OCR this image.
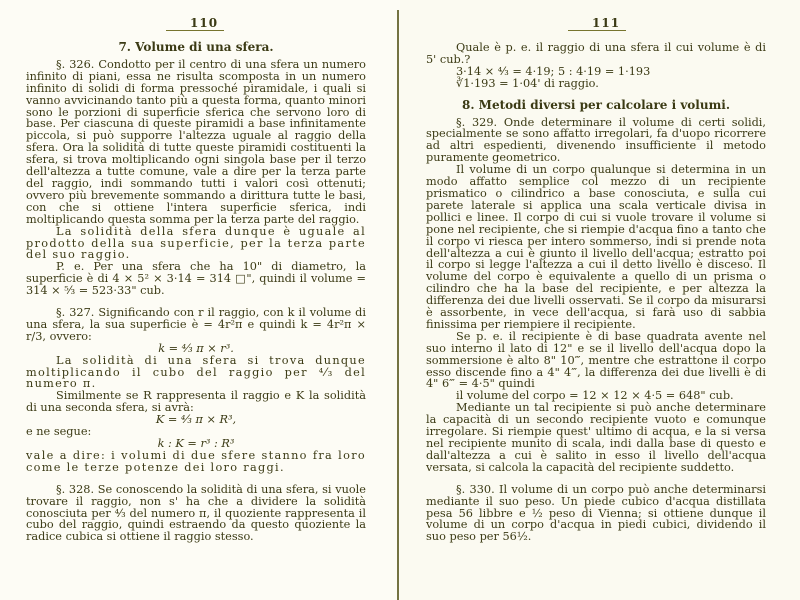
110

7. Volume di una sfera.

§. 326. Condotto per il centro di una sfera un numero infinito di piani, essa ne risulta scomposta in un numero infinito di solidi di forma pressoché piramidale, i quali si vanno avvicinando tanto più a questa forma, quanto minori sono le porzioni di superficie sferica che servono loro di base. Per ciascuna di queste piramidi a base infinitamente piccola, si può supporre l'altezza uguale al raggio della sfera. Ora la solidità di tutte queste piramidi costituenti la sfera, si trova moltiplicando ogni singola base per il terzo dell'altezza a tutte comune, vale a dire per la terza parte del raggio, indi sommando tutti i valori così ottenuti; ovvero più brevemente sommando a dirittura tutte le basi, con che si ottiene l'intera superficie sferica, indi moltiplicando questa somma per la terza parte del raggio.

La solidità della sfera dunque è uguale al prodotto della sua superficie, per la terza parte del suo raggio.

P. e. Per una sfera che ha 10" di diametro, la superficie è di 4 × 5² × 3·14 = 314 □", quindi il volume = 314 × ⁵⁄₃ = 523·33" cub.

§. 327. Significando con r il raggio, con k il volume di una sfera, la sua superficie è = 4r²π e quindi k = 4r²π × r/3, ovvero:

k = ⁴⁄₃ π × r³.

La solidità di una sfera si trova dunque moltiplicando il cubo del raggio per ⁴⁄₃ del numero π.

Similmente se R rappresenta il raggio e K la solidità di una seconda sfera, si avrà:

K = ⁴⁄₃ π × R³,

e ne segue:

k : K = r³ : R³

vale a dire: i volumi di due sfere stanno fra loro come le terze potenze dei loro raggi.

§. 328. Se conoscendo la solidità di una sfera, si vuole trovare il raggio, non s' ha che a dividere la solidità conosciuta per ⁴⁄₃ del numero π, il quoziente rappresenta il cubo del raggio, quindi estraendo da questo quoziente la radice cubica si ottiene il raggio stesso.

111

Quale è p. e. il raggio di una sfera il cui volume è di 5' cub.?

3·14 × ⁴⁄₃ = 4·19; 5 : 4·19 = 1·193

∛1·193 = 1·04' di raggio.

8. Metodi diversi per calcolare i volumi.

§. 329. Onde determinare il volume di certi solidi, specialmente se sono affatto irregolari, fa d'uopo ricorrere ad altri espedienti, divenendo insufficiente il metodo puramente geometrico.

Il volume di un corpo qualunque si determina in un modo affatto semplice col mezzo di un recipiente prismatico o cilindrico a base conosciuta, e sulla cui parete laterale si applica una scala verticale divisa in pollici e linee. Il corpo di cui si vuole trovare il volume si pone nel recipiente, che si riempie d'acqua fino a tanto che il corpo vi riesca per intero sommerso, indi si prende nota dell'altezza a cui è giunto il livello dell'acqua; estratto poi il corpo si legge l'altezza a cui il detto livello è disceso. Il volume del corpo è equivalente a quello di un prisma o cilindro che ha la base del recipiente, e per altezza la differenza dei due livelli osservati. Se il corpo da misurarsi è assorbente, in vece dell'acqua, si farà uso di sabbia finissima per riempiere il recipiente.

Se p. e. il recipiente è di base quadrata avente nel suo interno il lato di 12" e se il livello dell'acqua dopo la sommersione è alto 8" 10‴, mentre che estrattone il corpo esso discende fino a 4" 4‴, la differenza dei due livelli è di 4" 6‴ = 4·5" quindi

il volume del corpo = 12 × 12 × 4·5 = 648" cub.

Mediante un tal recipiente si può anche determinare la capacità di un secondo recipiente vuoto e comunque irregolare. Si riempie quest' ultimo di acqua, e la si versa nel recipiente munito di scala, indi dalla base di questo e dall'altezza a cui è salito in esso il livello dell'acqua versata, si calcola la capacità del recipiente suddetto.

§. 330. Il volume di un corpo può anche determinarsi mediante il suo peso. Un piede cubico d'acqua distillata pesa 56 libbre e ½ peso di Vienna; si ottiene dunque il volume di un corpo d'acqua in piedi cubici, dividendo il suo peso per 56½.
